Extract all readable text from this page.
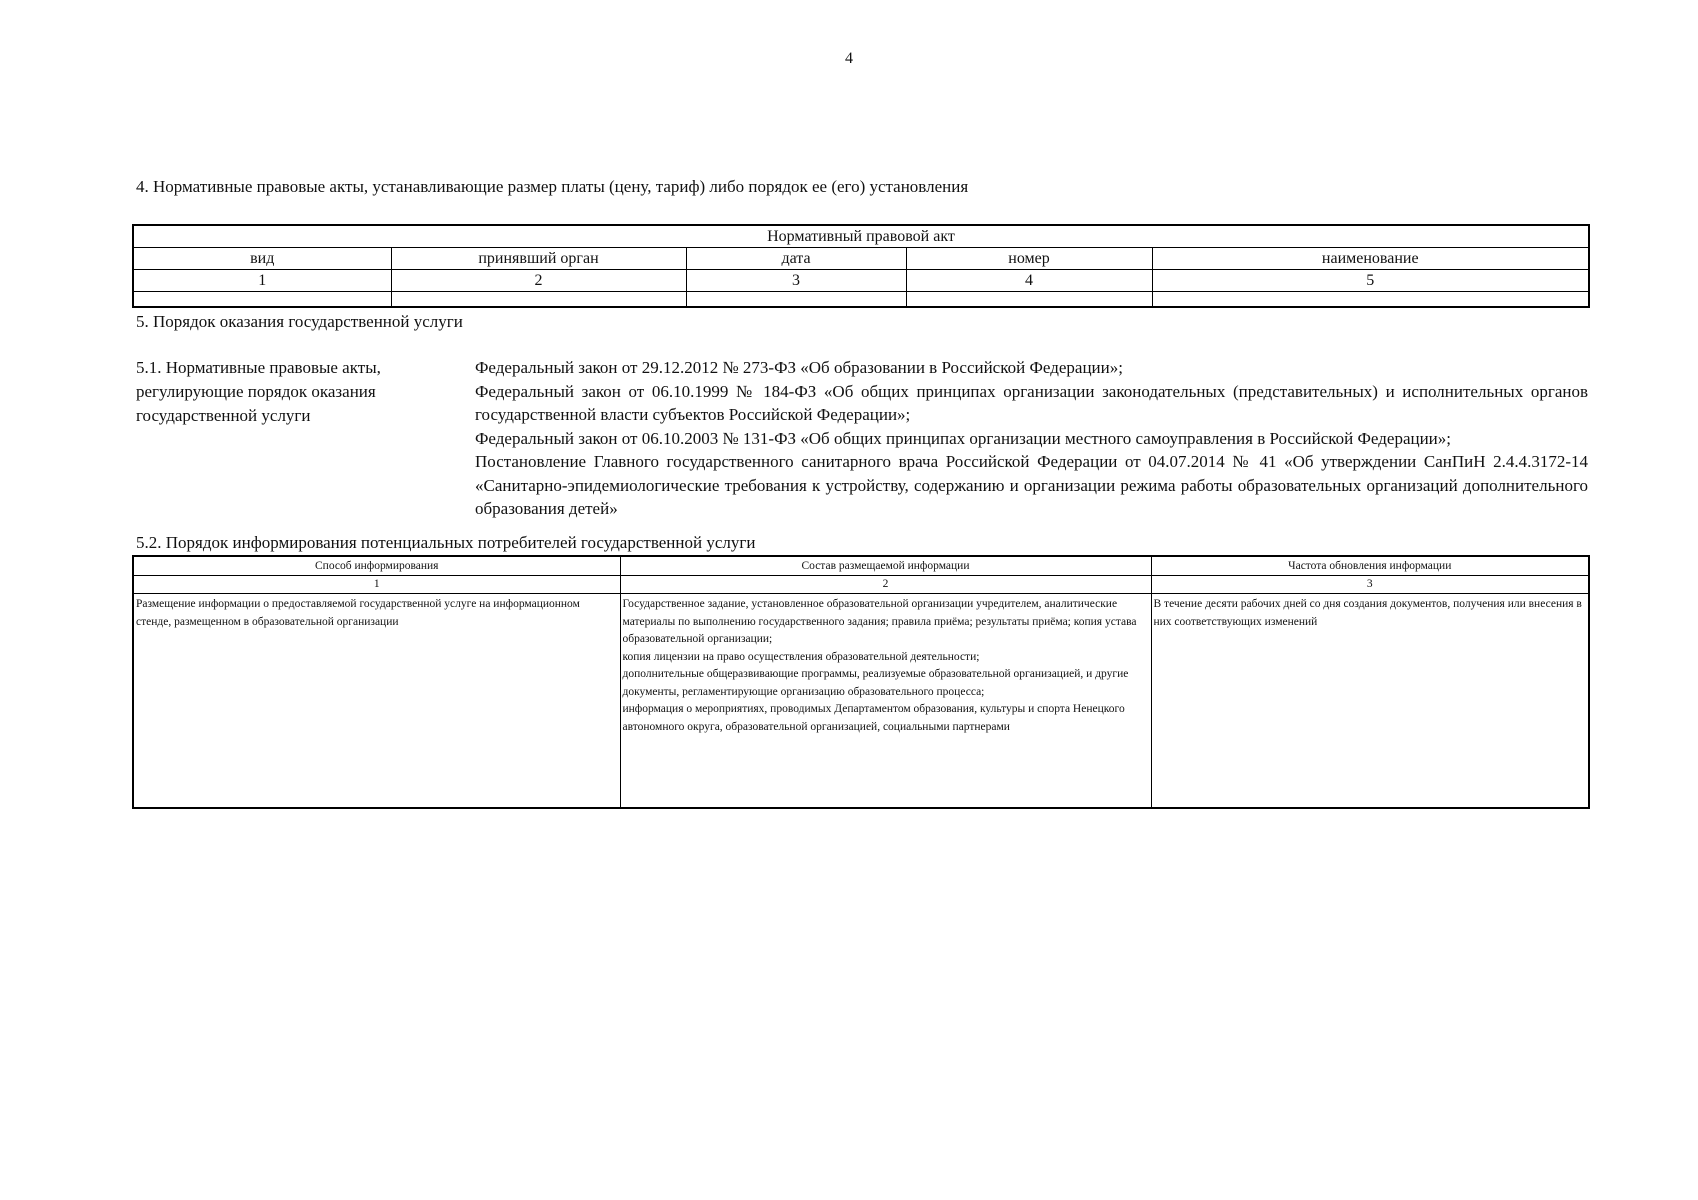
4
4. Нормативные правовые акты, устанавливающие размер платы (цену, тариф) либо порядок ее (его) установления
Нормативный правовой акт				
вид	принявший орган	дата	номер	наименование
1	2	3	4	5

5. Порядок оказания государственной услуги
5.1. Нормативные правовые акты, регулирующие порядок оказания государственной услуги

Федеральный закон от 29.12.2012 № 273-ФЗ «Об образовании в Российской Федерации»;

Федеральный закон от 06.10.1999 № 184-ФЗ «Об общих принципах организации законодательных (представительных) и исполнительных органов государственной власти субъектов Российской Федерации»;

Федеральный закон от 06.10.2003 № 131-ФЗ «Об общих принципах организации местного самоуправления в Российской Федерации»;

Постановление Главного государственного санитарного врача Российской Федерации от 04.07.2014 № 41 «Об утверждении СанПиН 2.4.4.3172-14 «Санитарно-эпидемиологические требования к устройству, содержанию и организации режима работы образовательных организаций дополнительного образования детей»

5.2. Порядок информирования потенциальных потребителей государственной услуги
Способ информирования	Состав размещаемой информации	Частота обновления информации
1	2	3
Размещение информации о предоставляемой государственной услуге на информационном стенде, размещенном в образовательной организации	Государственное задание, установленное образовательной организации учредителем, аналитические материалы по выполнению государственного задания; правила приёма; результаты приёма; копия устава образовательной организации;
копия лицензии на право осуществления образовательной деятельности;
дополнительные общеразвивающие программы, реализуемые образовательной организацией, и другие документы, регламентирующие организацию образовательного процесса;
информация о мероприятиях, проводимых Департаментом образования, культуры и спорта Ненецкого автономного округа, образовательной организацией, социальными партнерами	В течение десяти рабочих дней со дня создания документов, получения или внесения в них соответствующих изменений
